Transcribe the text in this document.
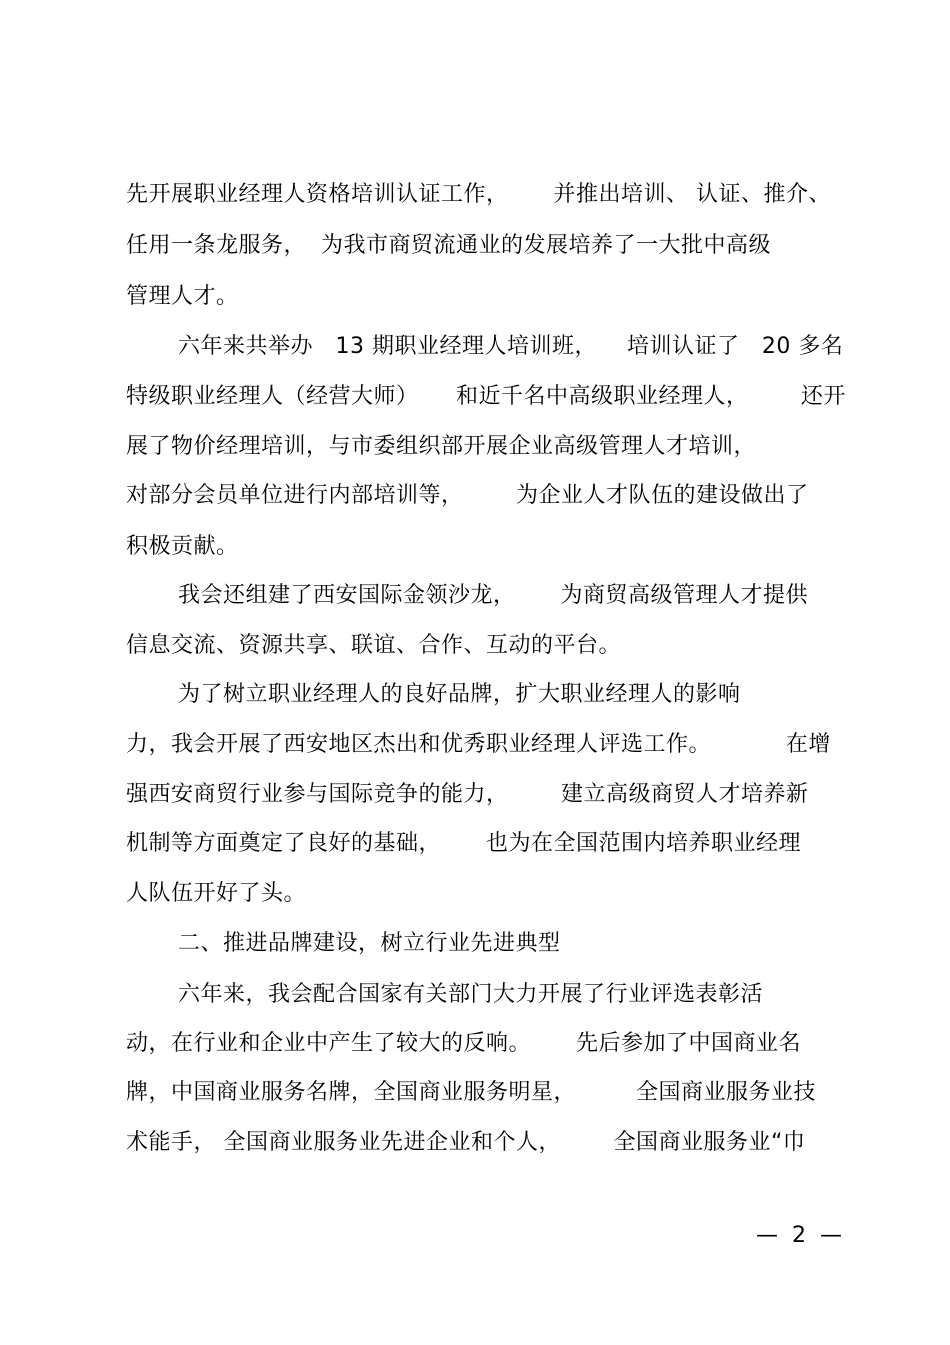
先开展职业经理人资格培训认证工作，      并推出培训、 认证、推介、
任用一条龙服务，  为我市商贸流通业的发展培养了一大批中高级
管理人才。
六年来共举办   13 期职业经理人培训班，    培训认证了   20 多名
特级职业经理人（经营大师）     和近千名中高级职业经理人，       还开
展了物价经理培训，与市委组织部开展企业高级管理人才培训，
对部分会员单位进行内部培训等，       为企业人才队伍的建设做出了
积极贡献。
我会还组建了西安国际金领沙龙，      为商贸高级管理人才提供
信息交流、资源共享、联谊、合作、互动的平台。
为了树立职业经理人的良好品牌，扩大职业经理人的影响
力，我会开展了西安地区杰出和优秀职业经理人评选工作。          在增
强西安商贸行业参与国际竞争的能力，       建立高级商贸人才培养新
机制等方面奠定了良好的基础，      也为在全国范围内培养职业经理
人队伍开好了头。
二、推进品牌建设，树立行业先进典型
六年来，我会配合国家有关部门大力开展了行业评选表彰活
动，在行业和企业中产生了较大的反响。      先后参加了中国商业名
牌，中国商业服务名牌，全国商业服务明星，        全国商业服务业技
术能手， 全国商业服务业先进企业和个人，       全国商业服务业“巾
—  2  —
